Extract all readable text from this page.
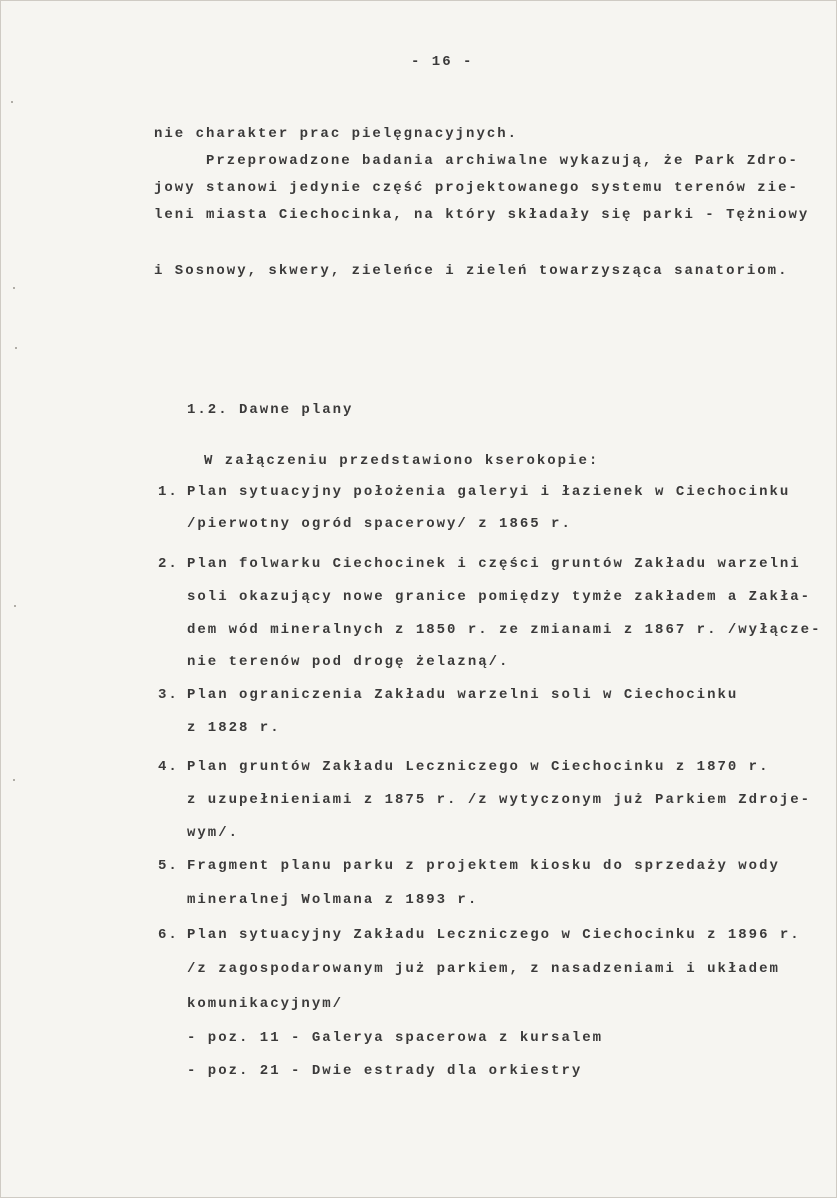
- 16 -
nie charakter prac pielęgnacyjnych.
Przeprowadzone badania archiwalne wykazują, że Park Zdro-
jowy stanowi jedynie część projektowanego systemu terenów zie-
leni miasta Ciechocinka, na który składały się parki - Tężniowy
i Sosnowy, skwery, zieleńce i zieleń towarzysząca sanatoriom.
1.2. Dawne plany
W załączeniu przedstawiono kserokopie:
1. Plan sytuacyjny położenia galeryi i łazienek w Ciechocinku
/pierwotny ogród spacerowy/ z 1865 r.
2. Plan folwarku Ciechocinek i części gruntów Zakładu warzelni
soli okazujący nowe granice pomiędzy tymże zakładem a Zakła-
dem wód mineralnych z 1850 r. ze zmianami z 1867 r. /wyłącze-
nie terenów pod drogę żelazną/.
3. Plan ograniczenia Zakładu warzelni soli w Ciechocinku
z 1828 r.
4. Plan gruntów Zakładu Leczniczego w Ciechocinku z 1870 r.
z uzupełnieniami z 1875 r. /z wytyczonym już Parkiem Zdroje-
wym/.
5. Fragment planu parku z projektem kiosku do sprzedaży wody
mineralnej Wolmana z 1893 r.
6. Plan sytuacyjny Zakładu Leczniczego w Ciechocinku z 1896 r.
/z zagospodarowanym już parkiem, z nasadzeniami i układem
komunikacyjnym/
- poz. 11 - Galerya spacerowa z kursalem
- poz. 21 - Dwie estrady dla orkiestry
